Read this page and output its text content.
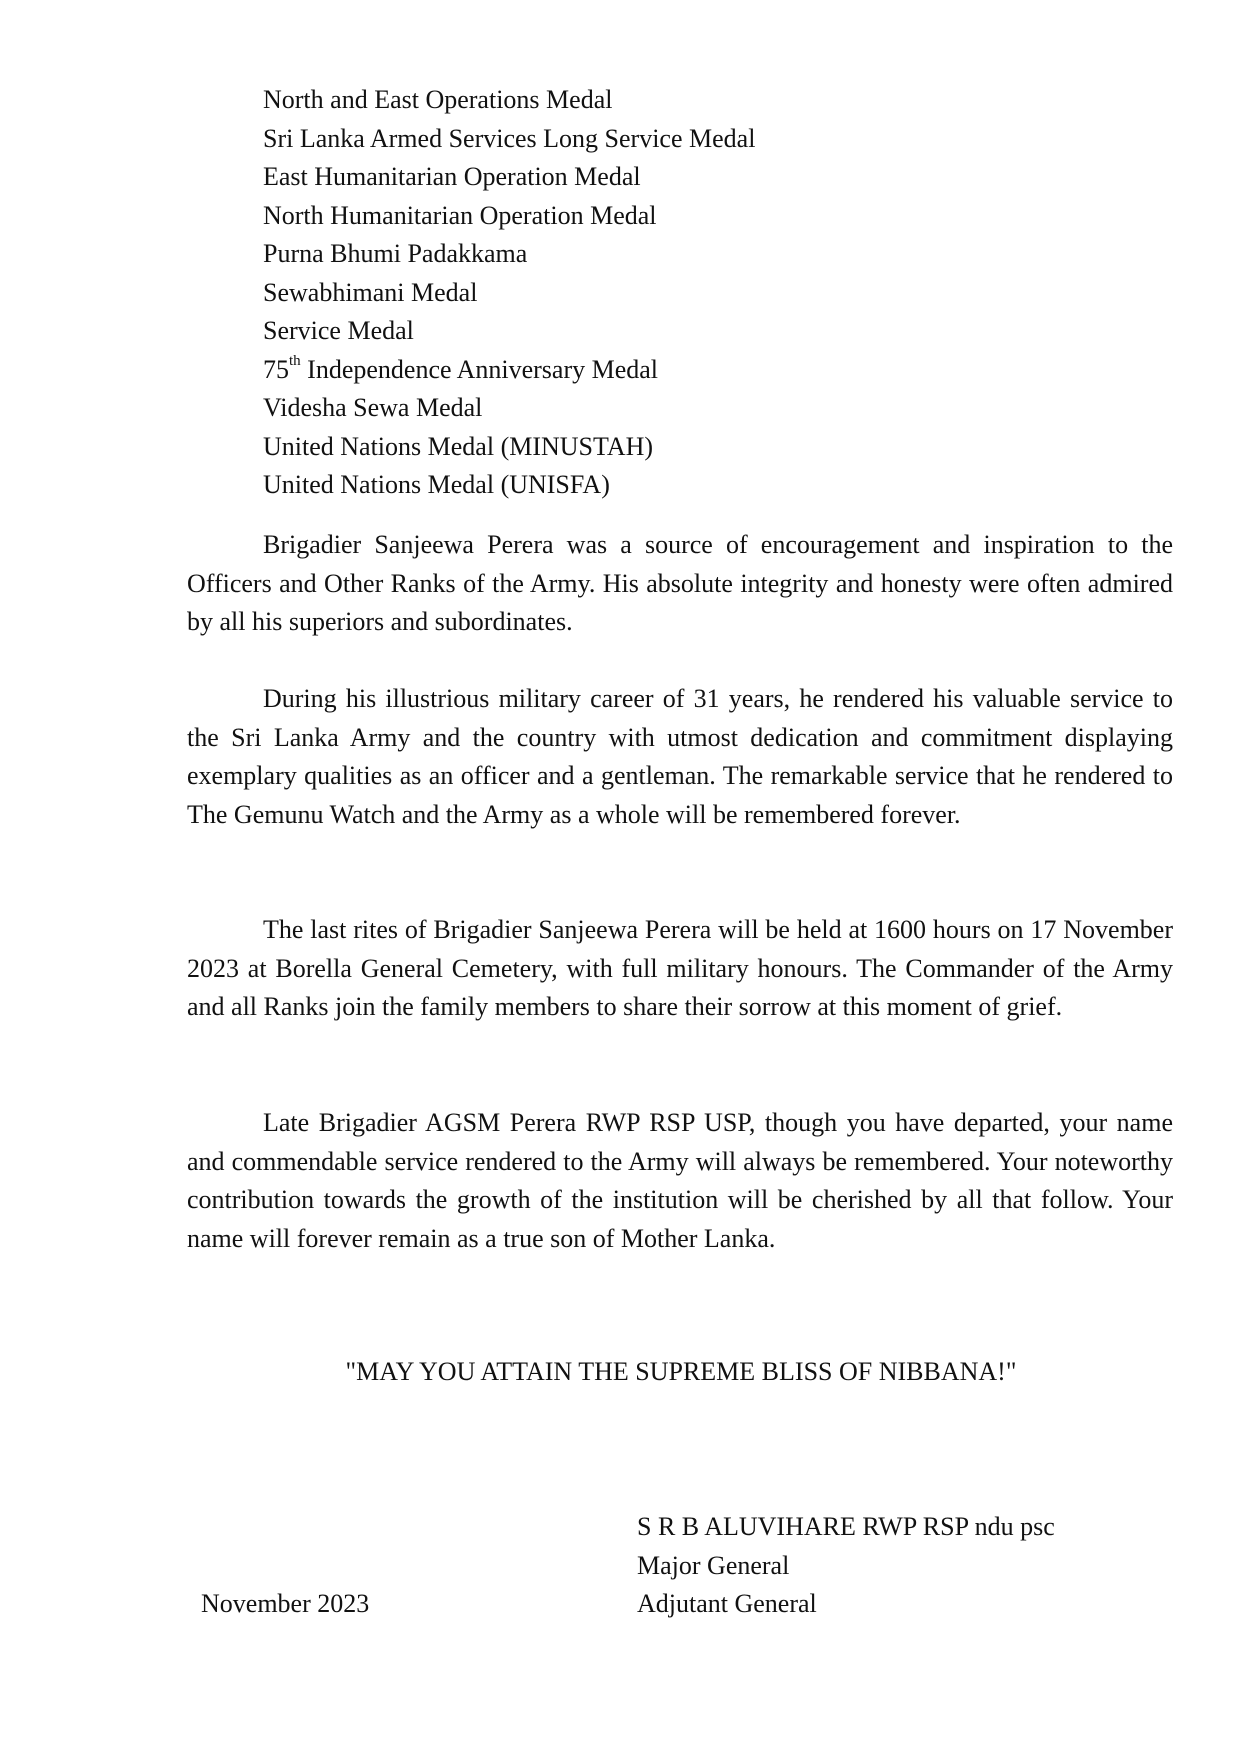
North and East Operations Medal
Sri Lanka Armed Services Long Service Medal
East Humanitarian Operation Medal
North Humanitarian Operation Medal
Purna Bhumi Padakkama
Sewabhimani Medal
Service Medal
75th Independence Anniversary Medal
Videsha Sewa Medal
United Nations Medal (MINUSTAH)
United Nations Medal (UNISFA)

Brigadier Sanjeewa Perera was a source of encouragement and inspiration to the Officers and Other Ranks of the Army. His absolute integrity and honesty were often admired by all his superiors and subordinates.

During his illustrious military career of 31 years, he rendered his valuable service to the Sri Lanka Army and the country with utmost dedication and commitment displaying exemplary qualities as an officer and a gentleman. The remarkable service that he rendered to The Gemunu Watch and the Army as a whole will be remembered forever.

The last rites of Brigadier Sanjeewa Perera will be held at 1600 hours on 17 November 2023 at Borella General Cemetery, with full military honours. The Commander of the Army and all Ranks join the family members to share their sorrow at this moment of grief.

Late Brigadier AGSM Perera RWP RSP USP, though you have departed, your name and commendable service rendered to the Army will always be remembered. Your noteworthy contribution towards the growth of the institution will be cherished by all that follow. Your name will forever remain as a true son of Mother Lanka.

"MAY YOU ATTAIN THE SUPREME BLISS OF NIBBANA!"

S R B ALUVIHARE RWP RSP ndu psc
Major General
Adjutant General
November 2023
